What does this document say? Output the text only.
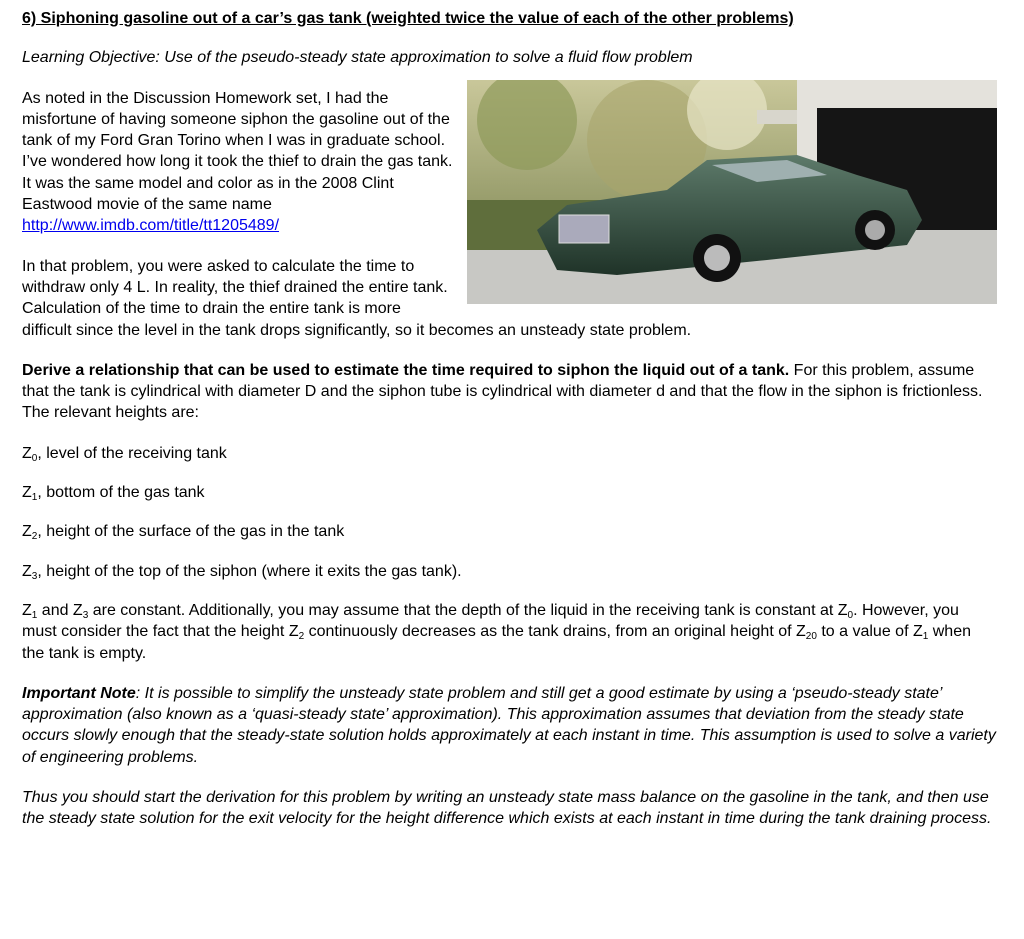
6) Siphoning gasoline out of a car’s gas tank (weighted twice the value of each of the other problems)

Learning Objective: Use of the pseudo-steady state approximation to solve a fluid flow problem

As noted in the Discussion Homework set, I had the misfortune of having someone siphon the gasoline out of the tank of my Ford Gran Torino when I was in graduate school. I’ve wondered how long it took the thief to drain the gas tank. It was the same model and color as in the 2008 Clint Eastwood movie of the same name http://www.imdb.com/title/tt1205489/

In that problem, you were asked to calculate the time to withdraw only 4 L. In reality, the thief drained the entire tank. Calculation of the time to drain the entire tank is more difficult since the level in the tank drops significantly, so it becomes an unsteady state problem.

Derive a relationship that can be used to estimate the time required to siphon the liquid out of a tank. For this problem, assume that the tank is cylindrical with diameter D and the siphon tube is cylindrical with diameter d and that the flow in the siphon is frictionless. The relevant heights are:

$Z_0$, level of the receiving tank

$Z_1$, bottom of the gas tank

$Z_2$, height of the surface of the gas in the tank

$Z_3$, height of the top of the siphon (where it exits the gas tank).

$Z_1$ and $Z_3$ are constant. Additionally, you may assume that the depth of the liquid in the receiving tank is constant at $Z_0$. However, you must consider the fact that the height $Z_2$ continuously decreases as the tank drains, from an original height of $Z_{20}$ to a value of $Z_1$ when the tank is empty.

Important Note: It is possible to simplify the unsteady state problem and still get a good estimate by using a ‘pseudo-steady state’ approximation (also known as a ‘quasi-steady state’ approximation). This approximation assumes that deviation from the steady state occurs slowly enough that the steady-state solution holds approximately at each instant in time. This assumption is used to solve a variety of engineering problems.

Thus you should start the derivation for this problem by writing an unsteady state mass balance on the gasoline in the tank, and then use the steady state solution for the exit velocity for the height difference which exists at each instant in time during the tank draining process.
